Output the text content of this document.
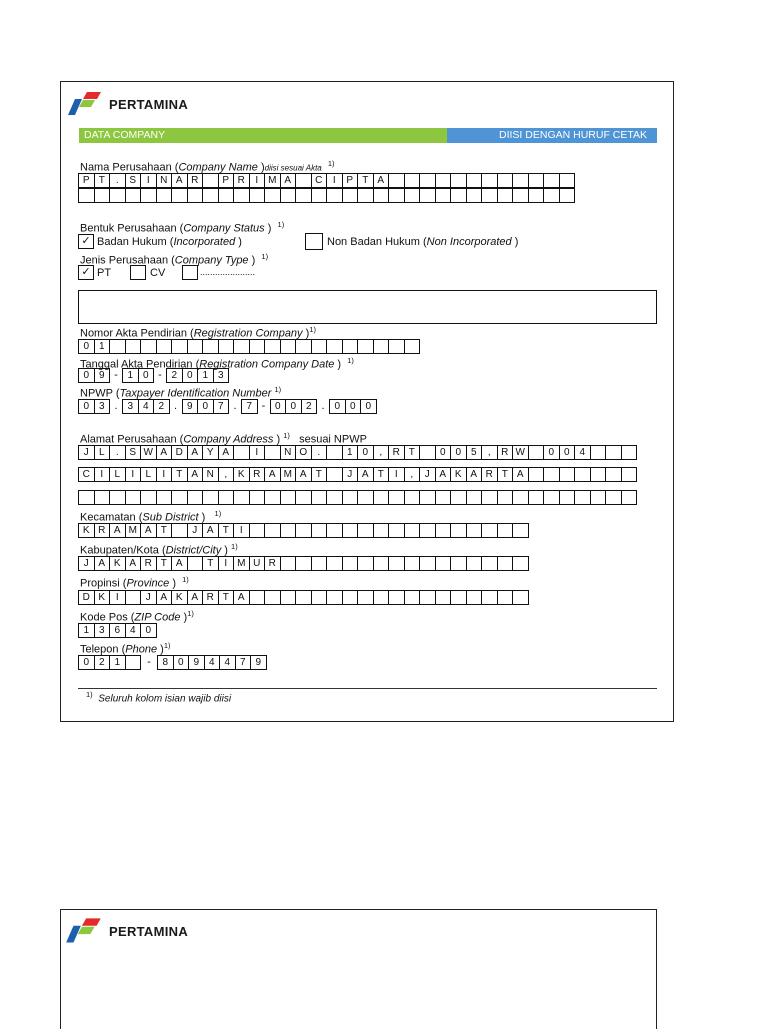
PERTAMINA
DATA COMPANY	DIISI DENGAN HURUF CETAK
Nama Perusahaan (Company Name )diisi sesuai Akta  $^{1)}$
P T	.	S	I	N A R	P R	I M A	C	I	P T A
Bentuk Perusahaan (Company Status ) $^{1)}$
✓ Badan Hukum (Incorporated )	Non Badan Hukum (Non Incorporated )
Jenis Perusahaan (Company Type ) $^{1)}$
✓ PT	CV	......................
Nomor Akta Pendirian (Registration Company )$^{1)}$
0 1
Tanggal Akta Pendirian (Registration Company Date ) $^{1)}$
0 9 - 1 0 - 2 0 1 3
NPWP (Taxpayer Identification Number $^{1)}$
0 3 . 3 4 2 . 9 0 7 . 7 - 0 0 2 . 0 0 0
Alamat Perusahaan (Company Address ) $^{1)}$ sesuai NPWP
J	L	.	S W A D A Y A	I	N O	.	1 0	,	R T	0 0 5	,	R W	0 0 4
C	I	L	I	L	I	T A N	,	K R A M A T	J A T	I	,	J A K A R T A
Kecamatan (Sub District ) $^{1)}$
K R A M A T	J A T	I
Kabupaten/Kota (District/City ) $^{1)}$
J A K A R T A	T	I M U R
Propinsi (Province ) $^{1)}$
D K	I	J A K A R T A
Kode Pos (ZIP Code )$^{1)}$
1 3 6 4 0
Telepon (Phone )$^{1)}$
0 2 1	-	8 0 9 4 4 7 9
$^{1)}$ Seluruh kolom isian wajib diisi
PERTAMINA
